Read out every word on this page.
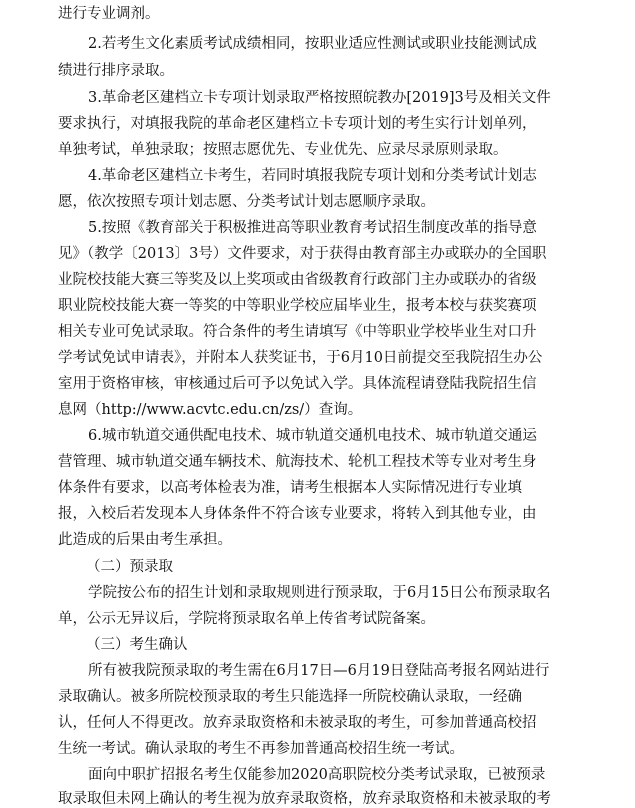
进行专业调剂。
2.若考生文化素质考试成绩相同，按职业适应性测试或职业技能测试成
绩进行排序录取。
3.革命老区建档立卡专项计划录取严格按照皖教办[2019]3号及相关文件
要求执行，对填报我院的革命老区建档立卡专项计划的考生实行计划单列，
单独考试，单独录取；按照志愿优先、专业优先、应录尽录原则录取。
4.革命老区建档立卡考生，若同时填报我院专项计划和分类考试计划志
愿，依次按照专项计划志愿、分类考试计划志愿顺序录取。
5.按照《教育部关于积极推进高等职业教育考试招生制度改革的指导意
见》（教学〔2013〕3号）文件要求，对于获得由教育部主办或联办的全国职
业院校技能大赛三等奖及以上奖项或由省级教育行政部门主办或联办的省级
职业院校技能大赛一等奖的中等职业学校应届毕业生，报考本校与获奖赛项
相关专业可免试录取。符合条件的考生请填写《中等职业学校毕业生对口升
学考试免试申请表》，并附本人获奖证书，于6月10日前提交至我院招生办公
室用于资格审核，审核通过后可予以免试入学。具体流程请登陆我院招生信
息网（http://www.acvtc.edu.cn/zs/）查询。
6.城市轨道交通供配电技术、城市轨道交通机电技术、城市轨道交通运
营管理、城市轨道交通车辆技术、航海技术、轮机工程技术等专业对考生身
体条件有要求，以高考体检表为准，请考生根据本人实际情况进行专业填
报，入校后若发现本人身体条件不符合该专业要求，将转入到其他专业，由
此造成的后果由考生承担。
（二）预录取
学院按公布的招生计划和录取规则进行预录取，于6月15日公布预录取名
单，公示无异议后，学院将预录取名单上传省考试院备案。
（三）考生确认
所有被我院预录取的考生需在6月17日—6月19日登陆高考报名网站进行
录取确认。被多所院校预录取的考生只能选择一所院校确认录取，一经确
认，任何人不得更改。放弃录取资格和未被录取的考生，可参加普通高校招
生统一考试。确认录取的考生不再参加普通高校招生统一考试。
面向中职扩招报名考生仅能参加2020高职院校分类考试录取，已被预录
取录取但未网上确认的考生视为放弃录取资格，放弃录取资格和未被录取的考
